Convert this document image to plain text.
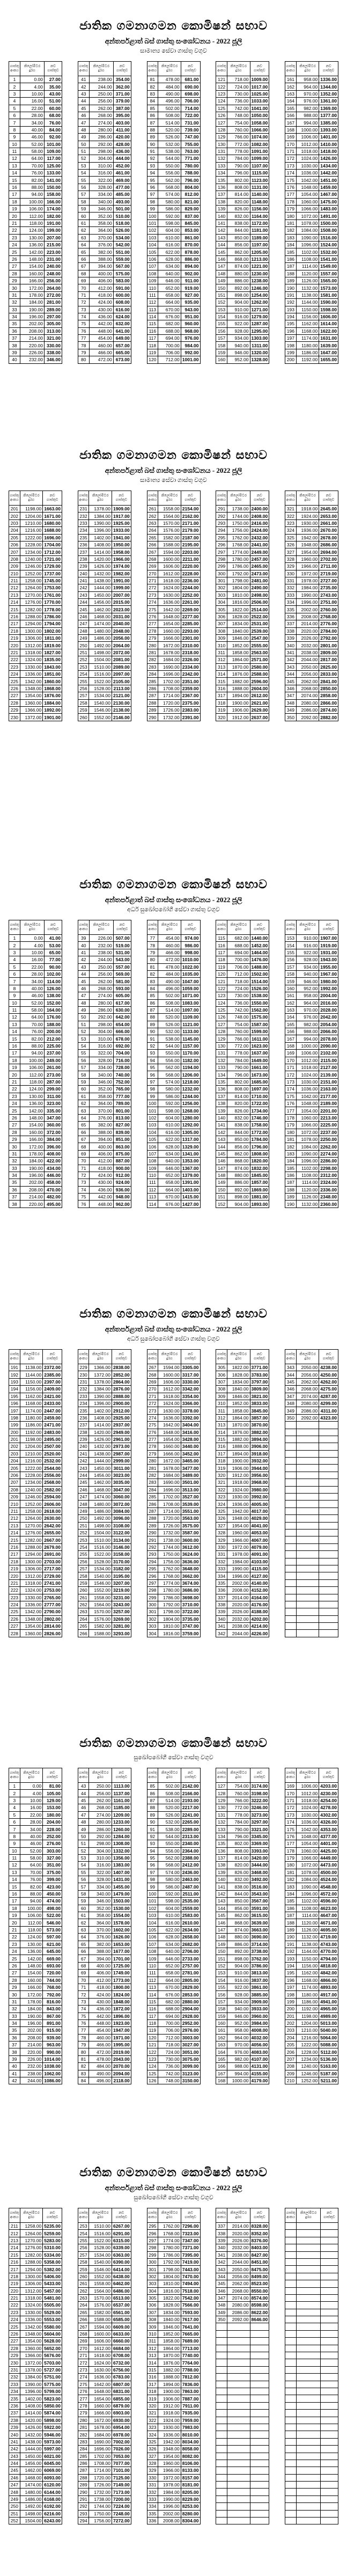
ජාතික ගමනාගමන කොමිෂන් සභාව
අන්තර්පළාත් බස් ගාස්තු සංශෝධනය - 2022 ජූලි
සාමාන්‍ය සේවා ගාස්තු වගුව
ගාස්තු අංකය	කිලෝමීටර දුරග	නව ගාස්තුව
1	0.00	27.00
2	4.00	35.00
3	10.00	43.00
4	16.00	51.00
5	22.00	60.00
6	28.00	68.00
7	34.00	76.00
8	40.00	84.00
9	46.00	92.00
10	52.00	101.00
11	58.00	109.00
12	64.00	117.00
13	70.00	125.00
14	76.00	133.00
15	82.00	141.00
16	88.00	150.00
17	94.00	158.00
18	100.00	166.00
19	106.00	174.00
20	112.00	182.00
21	118.00	191.00
22	124.00	199.00
23	130.00	207.00
24	136.00	215.00
25	142.00	223.00
26	148.00	231.00
27	154.00	240.00
28	160.00	248.00
29	166.00	256.00
30	172.00	264.00
31	178.00	272.00
32	184.00	281.00
33	190.00	289.00
34	196.00	297.00
35	202.00	305.00
36	208.00	313.00
37	214.00	321.00
38	220.00	330.00
39	226.00	338.00
40	232.00	346.00
ගාස්තු අංකය	කිලෝමීටර දුරග	නව ගාස්තුව
41	238.00	354.00
42	244.00	362.00
43	250.00	371.00
44	256.00	379.00
45	262.00	387.00
46	268.00	395.00
47	274.00	403.00
48	280.00	411.00
49	286.00	420.00
50	292.00	428.00
51	298.00	436.00
52	304.00	444.00
53	310.00	452.00
54	316.00	461.00
55	322.00	469.00
56	328.00	477.00
57	334.00	485.00
58	340.00	493.00
59	346.00	501.00
60	352.00	510.00
61	358.00	518.00
62	364.00	526.00
63	370.00	534.00
64	376.00	542.00
65	382.00	551.00
66	388.00	559.00
67	394.00	567.00
68	400.00	575.00
69	406.00	583.00
70	412.00	591.00
71	418.00	600.00
72	424.00	608.00
73	430.00	616.00
74	436.00	624.00
75	442.00	632.00
76	448.00	641.00
77	454.00	649.00
78	460.00	657.00
79	466.00	665.00
80	472.00	673.00
ගාස්තු අංකය	කිලෝමීටර දුරග	නව ගාස්තුව
81	478.00	681.00
82	484.00	690.00
83	490.00	698.00
84	496.00	706.00
85	502.00	714.00
86	508.00	722.00
87	514.00	731.00
88	520.00	739.00
89	526.00	747.00
90	532.00	755.00
91	538.00	763.00
92	544.00	771.00
93	550.00	780.00
94	556.00	788.00
95	562.00	796.00
96	568.00	804.00
97	574.00	812.00
98	580.00	821.00
99	586.00	829.00
100	592.00	837.00
101	598.00	845.00
102	604.00	853.00
103	610.00	861.00
104	616.00	870.00
105	622.00	878.00
106	628.00	886.00
107	634.00	894.00
108	640.00	902.00
109	646.00	911.00
110	652.00	919.00
111	658.00	927.00
112	664.00	935.00
113	670.00	943.00
114	676.00	951.00
115	682.00	960.00
116	688.00	968.00
117	694.00	976.00
118	700.00	984.00
119	706.00	992.00
120	712.00	1001.00
ගාස්තු අංකය	කිලෝමීටර දුරග	නව ගාස්තුව
121	718.00	1009.00
122	724.00	1017.00
123	730.00	1025.00
124	736.00	1033.00
125	742.00	1041.00
126	748.00	1050.00
127	754.00	1058.00
128	760.00	1066.00
129	766.00	1074.00
130	772.00	1082.00
131	778.00	1091.00
132	784.00	1099.00
133	790.00	1107.00
134	796.00	1115.00
135	802.00	1123.00
136	808.00	1131.00
137	814.00	1140.00
138	820.00	1148.00
139	826.00	1156.00
140	832.00	1164.00
141	838.00	1172.00
142	844.00	1181.00
143	850.00	1189.00
144	856.00	1197.00
145	862.00	1205.00
146	868.00	1213.00
147	874.00	1221.00
148	880.00	1230.00
149	886.00	1238.00
150	892.00	1246.00
151	898.00	1254.00
152	904.00	1262.00
153	910.00	1271.00
154	916.00	1279.00
155	922.00	1287.00
156	928.00	1295.00
157	934.00	1303.00
158	940.00	1311.00
159	946.00	1320.00
160	952.00	1328.00
ගාස්තු අංකය	කිලෝමීටර දුරග	නව ගාස්තුව
161	958.00	1336.00
162	964.00	1344.00
163	970.00	1352.00
164	976.00	1361.00
165	982.00	1369.00
166	988.00	1377.00
167	994.00	1385.00
168	1000.00	1393.00
169	1006.00	1401.00
170	1012.00	1410.00
171	1018.00	1418.00
172	1024.00	1426.00
173	1030.00	1434.00
174	1036.00	1442.00
175	1042.00	1451.00
176	1048.00	1459.00
177	1054.00	1467.00
178	1060.00	1475.00
179	1066.00	1483.00
180	1072.00	1491.00
181	1078.00	1500.00
182	1084.00	1508.00
183	1090.00	1516.00
184	1096.00	1524.00
185	1102.00	1532.00
186	1108.00	1541.00
187	1114.00	1549.00
188	1120.00	1557.00
189	1126.00	1565.00
190	1132.00	1573.00
191	1138.00	1581.00
192	1144.00	1590.00
193	1150.00	1598.00
194	1156.00	1606.00
195	1162.00	1614.00
196	1168.00	1622.00
197	1174.00	1631.00
198	1180.00	1639.00
199	1186.00	1647.00
200	1192.00	1655.00
ජාතික ගමනාගමන කොමිෂන් සභාව
අන්තර්පළාත් බස් ගාස්තු සංශෝධනය - 2022 ජූලි
සාමාන්‍ය සේවා ගාස්තු වගුව
ගාස්තු අංකය	කිලෝමීටර දුරග	නව ගාස්තුව
201	1198.00	1663.00
202	1204.00	1671.00
203	1210.00	1680.00
204	1216.00	1688.00
205	1222.00	1696.00
206	1228.00	1704.00
207	1234.00	1712.00
208	1240.00	1721.00
209	1246.00	1729.00
210	1252.00	1737.00
211	1258.00	1745.00
212	1264.00	1753.00
213	1270.00	1761.00
214	1276.00	1770.00
215	1282.00	1778.00
216	1288.00	1786.00
217	1294.00	1794.00
218	1300.00	1802.00
219	1306.00	1811.00
220	1312.00	1819.00
221	1318.00	1827.00
222	1324.00	1835.00
223	1330.00	1843.00
224	1336.00	1851.00
225	1342.00	1860.00
226	1348.00	1868.00
227	1354.00	1876.00
228	1360.00	1884.00
229	1366.00	1892.00
230	1372.00	1901.00
ගාස්තු අංකය	කිලෝමීටර දුරග	නව ගාස්තුව
231	1378.00	1909.00
232	1384.00	1917.00
233	1390.00	1925.00
234	1396.00	1933.00
235	1402.00	1941.00
236	1408.00	1950.00
237	1414.00	1958.00
238	1420.00	1966.00
239	1426.00	1974.00
240	1432.00	1982.00
241	1438.00	1991.00
242	1444.00	1999.00
243	1450.00	2007.00
244	1456.00	2015.00
245	1462.00	2023.00
246	1468.00	2031.00
247	1474.00	2040.00
248	1480.00	2048.00
249	1486.00	2056.00
250	1492.00	2064.00
251	1498.00	2072.00
252	1504.00	2081.00
253	1510.00	2089.00
254	1516.00	2097.00
255	1522.00	2105.00
256	1528.00	2113.00
257	1534.00	2121.00
258	1540.00	2130.00
259	1546.00	2138.00
260	1552.00	2146.00
ගාස්තු අංකය	කිලෝමීටර දුරග	නව ගාස්තුව
261	1558.00	2154.00
262	1564.00	2162.00
263	1570.00	2171.00
264	1576.00	2179.00
265	1582.00	2187.00
266	1588.00	2195.00
267	1594.00	2203.00
268	1600.00	2211.00
269	1606.00	2220.00
270	1612.00	2228.00
271	1618.00	2236.00
272	1624.00	2244.00
273	1630.00	2252.00
274	1636.00	2261.00
275	1642.00	2269.00
276	1648.00	2277.00
277	1654.00	2285.00
278	1660.00	2293.00
279	1666.00	2301.00
280	1672.00	2310.00
281	1678.00	2318.00
282	1684.00	2326.00
283	1690.00	2334.00
284	1696.00	2342.00
285	1702.00	2351.00
286	1708.00	2359.00
287	1714.00	2367.00
288	1720.00	2375.00
289	1726.00	2383.00
290	1732.00	2391.00
ගාස්තු අංකය	කිලෝමීටර දුරග	නව ගාස්තුව
291	1738.00	2400.00
292	1744.00	2408.00
293	1750.00	2416.00
294	1756.00	2424.00
295	1762.00	2432.00
296	1768.00	2441.00
297	1774.00	2449.00
298	1780.00	2457.00
299	1786.00	2465.00
300	1792.00	2473.00
301	1798.00	2481.00
302	1804.00	2490.00
303	1810.00	2498.00
304	1816.00	2506.00
305	1822.00	2514.00
306	1828.00	2522.00
307	1834.00	2531.00
308	1840.00	2539.00
309	1846.00	2547.00
310	1852.00	2555.00
311	1858.00	2563.00
312	1864.00	2571.00
313	1870.00	2580.00
314	1876.00	2588.00
315	1882.00	2596.00
316	1888.00	2604.00
317	1894.00	2612.00
318	1900.00	2621.00
319	1906.00	2629.00
320	1912.00	2637.00
ගාස්තු අංකය	කිලෝමීටර දුරග	නව ගාස්තුව
321	1918.00	2645.00
322	1924.00	2653.00
323	1930.00	2661.00
324	1936.00	2670.00
325	1942.00	2678.00
326	1948.00	2686.00
327	1954.00	2694.00
328	1960.00	2702.00
329	1966.00	2711.00
330	1972.00	2719.00
331	1978.00	2727.00
332	1984.00	2735.00
333	1990.00	2743.00
334	1996.00	2751.00
335	2002.00	2760.00
336	2008.00	2768.00
337	2014.00	2776.00
338	2020.00	2784.00
339	2026.00	2792.00
340	2032.00	2801.00
341	2038.00	2809.00
342	2044.00	2817.00
343	2050.00	2825.00
344	2056.00	2833.00
345	2062.00	2841.00
346	2068.00	2850.00
347	2074.00	2858.00
348	2080.00	2866.00
349	2086.00	2874.00
350	2092.00	2882.00
ජාතික ගමනාගමන කොමිෂන් සභාව
අන්තර්පළාත් බස් ගාස්තු සංශෝධනය - 2022 ජූලි
අර්ධ සුඛෝපබෝගී සේවා ගාස්තු වගුව
ගාස්තු අංකය	කිලෝමීටර දුරග	නව ගාස්තුව
1	0.00	41.00
2	4.00	53.00
3	10.00	65.00
4	16.00	77.00
5	22.00	90.00
6	28.00	102.00
7	34.00	114.00
8	40.00	126.00
9	46.00	138.00
10	52.00	152.00
11	58.00	164.00
12	64.00	176.00
13	70.00	188.00
14	76.00	200.00
15	82.00	212.00
16	88.00	225.00
17	94.00	237.00
18	100.00	249.00
19	106.00	261.00
20	112.00	273.00
21	118.00	287.00
22	124.00	299.00
23	130.00	311.00
24	136.00	323.00
25	142.00	335.00
26	148.00	347.00
27	154.00	360.00
28	160.00	372.00
29	166.00	384.00
30	172.00	396.00
31	178.00	408.00
32	184.00	422.00
33	190.00	434.00
34	196.00	446.00
35	202.00	458.00
36	208.00	470.00
37	214.00	482.00
38	220.00	495.00
ගාස්තු අංකය	කිලෝමීටර දුරග	නව ගාස්තුව
39	226.00	507.00
40	232.00	519.00
41	238.00	531.00
42	244.00	543.00
43	250.00	557.00
44	256.00	569.00
45	262.00	581.00
46	268.00	593.00
47	274.00	605.00
48	280.00	617.00
49	286.00	630.00
50	292.00	642.00
51	298.00	654.00
52	304.00	666.00
53	310.00	678.00
54	316.00	692.00
55	322.00	704.00
56	328.00	716.00
57	334.00	728.00
58	340.00	740.00
59	346.00	752.00
60	352.00	765.00
61	358.00	777.00
62	364.00	789.00
63	370.00	801.00
64	376.00	813.00
65	382.00	827.00
66	388.00	839.00
67	394.00	851.00
68	400.00	863.00
69	406.00	875.00
70	412.00	887.00
71	418.00	900.00
72	424.00	912.00
73	430.00	924.00
74	436.00	936.00
75	442.00	948.00
76	448.00	962.00
ගාස්තු අංකය	කිලෝමීටර දුරග	නව ගාස්තුව
77	454.00	974.00
78	460.00	986.00
79	466.00	998.00
80	472.00	1010.00
81	478.00	1022.00
82	484.00	1035.00
83	490.00	1047.00
84	496.00	1059.00
85	502.00	1071.00
86	508.00	1083.00
87	514.00	1097.00
88	520.00	1109.00
89	526.00	1121.00
90	532.00	1133.00
91	538.00	1145.00
92	544.00	1157.00
93	550.00	1170.00
94	556.00	1182.00
95	562.00	1194.00
96	568.00	1206.00
97	574.00	1218.00
98	580.00	1232.00
99	586.00	1244.00
100	592.00	1256.00
101	598.00	1268.00
102	604.00	1280.00
103	610.00	1292.00
104	616.00	1305.00
105	622.00	1317.00
106	628.00	1329.00
107	634.00	1341.00
108	640.00	1353.00
109	646.00	1367.00
110	652.00	1379.00
111	658.00	1391.00
112	664.00	1403.00
113	670.00	1415.00
114	676.00	1427.00
ගාස්තු අංකය	කිලෝමීටර දුරග	නව ගාස්තුව
115	682.00	1440.00
116	688.00	1452.00
117	694.00	1464.00
118	700.00	1476.00
119	706.00	1488.00
120	712.00	1502.00
121	718.00	1514.00
122	724.00	1526.00
123	730.00	1538.00
124	736.00	1550.00
125	742.00	1562.00
126	748.00	1575.00
127	754.00	1587.00
128	760.00	1599.00
129	766.00	1611.00
130	772.00	1623.00
131	778.00	1637.00
132	784.00	1649.00
133	790.00	1661.00
134	796.00	1673.00
135	802.00	1685.00
136	808.00	1697.00
137	814.00	1710.00
138	820.00	1722.00
139	826.00	1734.00
140	832.00	1746.00
141	838.00	1758.00
142	844.00	1772.00
143	850.00	1784.00
144	856.00	1796.00
145	862.00	1808.00
146	868.00	1820.00
147	874.00	1832.00
148	880.00	1845.00
149	886.00	1857.00
150	892.00	1869.00
151	898.00	1881.00
152	904.00	1893.00
ගාස්තු අංකය	කිලෝමීටර දුරග	නව ගාස්තුව
153	910.00	1907.00
154	916.00	1919.00
155	922.00	1931.00
156	928.00	1943.00
157	934.00	1955.00
158	940.00	1967.00
159	946.00	1980.00
160	952.00	1992.00
161	958.00	2004.00
162	964.00	2016.00
163	970.00	2028.00
164	976.00	2042.00
165	982.00	2054.00
166	988.00	2066.00
167	994.00	2078.00
168	1000.00	2090.00
169	1006.00	2102.00
170	1012.00	2115.00
171	1018.00	2127.00
172	1024.00	2139.00
173	1030.00	2151.00
174	1036.00	2163.00
175	1042.00	2177.00
176	1048.00	2189.00
177	1054.00	2201.00
178	1060.00	2213.00
179	1066.00	2225.00
180	1072.00	2237.00
181	1078.00	2250.00
182	1084.00	2262.00
183	1090.00	2274.00
184	1096.00	2286.00
185	1102.00	2298.00
186	1108.00	2312.00
187	1114.00	2324.00
188	1120.00	2336.00
189	1126.00	2348.00
190	1132.00	2360.00
ජාතික ගමනාගමන කොමිෂන් සභාව
අන්තර්පළාත් බස් ගාස්තු සංශෝධනය - 2022 ජූලි
අර්ධ සුඛෝපබෝගී සේවා ගාස්තු වගුව
ගාස්තු අංකය	කිලෝමීටර දුරග	නව ගාස්තුව
191	1138.00	2372.00
192	1144.00	2385.00
193	1150.00	2397.00
194	1156.00	2409.00
195	1162.00	2421.00
196	1168.00	2433.00
197	1174.00	2447.00
198	1180.00	2459.00
199	1186.00	2471.00
200	1192.00	2483.00
201	1198.00	2495.00
202	1204.00	2507.00
203	1210.00	2520.00
204	1216.00	2532.00
205	1222.00	2544.00
206	1228.00	2556.00
207	1234.00	2568.00
208	1240.00	2582.00
209	1246.00	2594.00
210	1252.00	2606.00
211	1258.00	2618.00
212	1264.00	2630.00
213	1270.00	2642.00
214	1276.00	2655.00
215	1282.00	2667.00
216	1288.00	2679.00
217	1294.00	2691.00
218	1300.00	2703.00
219	1306.00	2717.00
220	1312.00	2729.00
221	1318.00	2741.00
222	1324.00	2753.00
223	1330.00	2765.00
224	1336.00	2777.00
225	1342.00	2790.00
226	1348.00	2802.00
227	1354.00	2814.00
228	1360.00	2826.00
ගාස්තු අංකය	කිලෝමීටර දුරග	නව ගාස්තුව
229	1366.00	2838.00
230	1372.00	2852.00
231	1378.00	2864.00
232	1384.00	2876.00
233	1390.00	2888.00
234	1396.00	2900.00
235	1402.00	2912.00
236	1408.00	2925.00
237	1414.00	2937.00
238	1420.00	2949.00
239	1426.00	2961.00
240	1432.00	2973.00
241	1438.00	2987.00
242	1444.00	2999.00
243	1450.00	3011.00
244	1456.00	3023.00
245	1462.00	3035.00
246	1468.00	3047.00
247	1474.00	3060.00
248	1480.00	3072.00
249	1486.00	3084.00
250	1492.00	3096.00
251	1498.00	3108.00
252	1504.00	3122.00
253	1510.00	3134.00
254	1516.00	3146.00
255	1522.00	3158.00
256	1528.00	3170.00
257	1534.00	3182.00
258	1540.00	3195.00
259	1546.00	3207.00
260	1552.00	3219.00
261	1558.00	3231.00
262	1564.00	3243.00
263	1570.00	3257.00
264	1576.00	3269.00
265	1582.00	3281.00
266	1588.00	3293.00
ගාස්තු අංකය	කිලෝමීටර දුරග	නව ගාස්තුව
267	1594.00	3305.00
268	1600.00	3317.00
269	1606.00	3330.00
270	1612.00	3342.00
271	1618.00	3354.00
272	1624.00	3366.00
273	1630.00	3378.00
274	1636.00	3392.00
275	1642.00	3404.00
276	1648.00	3416.00
277	1654.00	3428.00
278	1660.00	3440.00
279	1666.00	3452.00
280	1672.00	3465.00
281	1678.00	3477.00
282	1684.00	3489.00
283	1690.00	3501.00
284	1696.00	3513.00
285	1702.00	3527.00
286	1708.00	3539.00
287	1714.00	3551.00
288	1720.00	3563.00
289	1726.00	3575.00
290	1732.00	3587.00
291	1738.00	3600.00
292	1744.00	3612.00
293	1750.00	3624.00
294	1756.00	3636.00
295	1762.00	3648.00
296	1768.00	3662.00
297	1774.00	3674.00
298	1780.00	3686.00
299	1786.00	3698.00
300	1792.00	3710.00
301	1798.00	3722.00
302	1804.00	3735.00
303	1810.00	3747.00
304	1816.00	3759.00
ගාස්තු අංකය	කිලෝමීටර දුරග	නව ගාස්තුව
305	1822.00	3771.00
306	1828.00	3783.00
307	1834.00	3797.00
308	1840.00	3809.00
309	1846.00	3821.00
310	1852.00	3833.00
311	1858.00	3845.00
312	1864.00	3857.00
313	1870.00	3870.00
314	1876.00	3882.00
315	1882.00	3894.00
316	1888.00	3906.00
317	1894.00	3918.00
318	1900.00	3932.00
319	1906.00	3944.00
320	1912.00	3956.00
321	1918.00	3968.00
322	1924.00	3980.00
323	1930.00	3992.00
324	1936.00	4005.00
325	1942.00	4017.00
326	1948.00	4029.00
327	1954.00	4041.00
328	1960.00	4053.00
329	1966.00	4067.00
330	1972.00	4079.00
331	1978.00	4091.00
332	1984.00	4103.00
333	1990.00	4115.00
334	1996.00	4127.00
335	2002.00	4140.00
336	2008.00	4152.00
337	2014.00	4164.00
338	2020.00	4176.00
339	2026.00	4188.00
340	2032.00	4202.00
341	2038.00	4214.00
342	2044.00	4226.00
ගාස්තු අංකය	කිලෝමීටර දුරග	නව ගාස්තුව
343	2050.00	4238.00
344	2056.00	4250.00
345	2062.00	4262.00
346	2068.00	4275.00
347	2074.00	4287.00
348	2080.00	4299.00
349	2086.00	4311.00
350	2092.00	4323.00

ජාතික ගමනාගමන කොමිෂන් සභාව
සුඛෝපබෝගී සේවා ගාස්තු වගුව
ගාස්තු අංකය	කිලෝමීටර දුරග	නව ගාස්තුව
1	0.00	81.00
2	4.00	105.00
3	10.00	129.00
4	16.00	153.00
5	22.00	180.00
6	28.00	204.00
7	34.00	228.00
8	40.00	252.00
9	46.00	276.00
10	52.00	303.00
11	58.00	327.00
12	64.00	351.00
13	70.00	375.00
14	76.00	399.00
15	82.00	423.00
16	88.00	450.00
17	94.00	474.00
18	100.00	498.00
19	106.00	522.00
20	112.00	546.00
21	118.00	573.00
22	124.00	597.00
23	130.00	621.00
24	136.00	645.00
25	142.00	669.00
26	148.00	693.00
27	154.00	720.00
28	160.00	744.00
29	166.00	768.00
30	172.00	792.00
31	178.00	816.00
32	184.00	843.00
33	190.00	867.00
34	196.00	891.00
35	202.00	915.00
36	208.00	939.00
37	214.00	963.00
38	220.00	990.00
39	226.00	1014.00
40	232.00	1038.00
41	238.00	1062.00
42	244.00	1086.00
ගාස්තු අංකය	කිලෝමීටර දුරග	නව ගාස්තුව
43	250.00	1113.00
44	256.00	1137.00
45	262.00	1161.00
46	268.00	1185.00
47	274.00	1209.00
48	280.00	1233.00
49	286.00	1260.00
50	292.00	1284.00
51	298.00	1308.00
52	304.00	1332.00
53	310.00	1356.00
54	316.00	1383.00
55	322.00	1407.00
56	328.00	1431.00
57	334.00	1455.00
58	340.00	1479.00
59	346.00	1503.00
60	352.00	1530.00
61	358.00	1554.00
62	364.00	1578.00
63	370.00	1602.00
64	376.00	1626.00
65	382.00	1653.00
66	388.00	1677.00
67	394.00	1701.00
68	400.00	1725.00
69	406.00	1749.00
70	412.00	1773.00
71	418.00	1800.00
72	424.00	1824.00
73	430.00	1848.00
74	436.00	1872.00
75	442.00	1896.00
76	448.00	1923.00
77	454.00	1947.00
78	460.00	1971.00
79	466.00	1995.00
80	472.00	2019.00
81	478.00	2043.00
82	484.00	2070.00
83	490.00	2094.00
84	496.00	2118.00
ගාස්තු අංකය	කිලෝමීටර දුරග	නව ගාස්තුව
85	502.00	2142.00
86	508.00	2166.00
87	514.00	2193.00
88	520.00	2217.00
89	526.00	2241.00
90	532.00	2265.00
91	538.00	2289.00
92	544.00	2313.00
93	550.00	2340.00
94	556.00	2364.00
95	562.00	2388.00
96	568.00	2412.00
97	574.00	2436.00
98	580.00	2463.00
99	586.00	2487.00
100	592.00	2511.00
101	598.00	2535.00
102	604.00	2559.00
103	610.00	2583.00
104	616.00	2610.00
105	622.00	2634.00
106	628.00	2658.00
107	634.00	2682.00
108	640.00	2706.00
109	646.00	2733.00
110	652.00	2757.00
111	658.00	2781.00
112	664.00	2805.00
113	670.00	2829.00
114	676.00	2853.00
115	682.00	2880.00
116	688.00	2904.00
117	694.00	2928.00
118	700.00	2952.00
119	706.00	2976.00
120	712.00	3003.00
121	718.00	3027.00
122	724.00	3051.00
123	730.00	3075.00
124	736.00	3099.00
125	742.00	3123.00
126	748.00	3150.00
ගාස්තු අංකය	කිලෝමීටර දුරග	නව ගාස්තුව
127	754.00	3174.00
128	760.00	3198.00
129	766.00	3222.00
130	772.00	3246.00
131	778.00	3273.00
132	784.00	3297.00
133	790.00	3321.00
134	796.00	3345.00
135	802.00	3369.00
136	808.00	3393.00
137	814.00	3420.00
138	820.00	3444.00
139	826.00	3468.00
140	832.00	3492.00
141	838.00	3516.00
142	844.00	3543.00
143	850.00	3567.00
144	856.00	3591.00
145	862.00	3615.00
146	868.00	3639.00
147	874.00	3663.00
148	880.00	3690.00
149	886.00	3714.00
150	892.00	3738.00
151	898.00	3762.00
152	904.00	3786.00
153	910.00	3813.00
154	916.00	3837.00
155	922.00	3861.00
156	928.00	3885.00
157	934.00	3909.00
158	940.00	3933.00
159	946.00	3960.00
160	952.00	3984.00
161	958.00	4008.00
162	964.00	4032.00
163	970.00	4056.00
164	976.00	4083.00
165	982.00	4107.00
166	988.00	4131.00
167	994.00	4155.00
168	1000.00	4179.00
ගාස්තු අංකය	කිලෝමීටර දුරග	නව ගාස්තුව
169	1006.00	4203.00
170	1012.00	4230.00
171	1018.00	4254.00
172	1024.00	4278.00
173	1030.00	4302.00
174	1036.00	4326.00
175	1042.00	4353.00
176	1048.00	4377.00
177	1054.00	4401.00
178	1060.00	4425.00
179	1066.00	4449.00
180	1072.00	4473.00
181	1078.00	4500.00
182	1084.00	4524.00
183	1090.00	4548.00
184	1096.00	4572.00
185	1102.00	4596.00
186	1108.00	4623.00
187	1114.00	4647.00
188	1120.00	4671.00
189	1126.00	4695.00
190	1132.00	4719.00
191	1138.00	4743.00
192	1144.00	4770.00
193	1150.00	4794.00
194	1156.00	4818.00
195	1162.00	4842.00
196	1168.00	4866.00
197	1174.00	4893.00
198	1180.00	4917.00
199	1186.00	4941.00
200	1192.00	4965.00
201	1198.00	4989.00
202	1204.00	5013.00
203	1210.00	5040.00
204	1216.00	5064.00
205	1222.00	5088.00
206	1228.00	5112.00
207	1234.00	5136.00
208	1240.00	5163.00
209	1246.00	5187.00
210	1252.00	5211.00
ජාතික ගමනාගමන කොමිෂන් සභාව
අන්තර්පළාත් බස් ගාස්තු සංශෝධනය - 2022 ජූලි
සුඛෝපබෝගී සේවා ගාස්තු වගුව
ගාස්තු අංකය	කිලෝමීටර දුරග	නව ගාස්තුව
211	1258.00	5235.00
212	1264.00	5259.00
213	1270.00	5283.00
214	1276.00	5310.00
215	1282.00	5334.00
216	1288.00	5358.00
217	1294.00	5382.00
218	1300.00	5406.00
219	1306.00	5433.00
220	1312.00	5457.00
221	1318.00	5481.00
222	1324.00	5505.00
223	1330.00	5529.00
224	1336.00	5553.00
225	1342.00	5580.00
226	1348.00	5604.00
227	1354.00	5628.00
228	1360.00	5652.00
229	1366.00	5676.00
230	1372.00	5703.00
231	1378.00	5727.00
232	1384.00	5751.00
233	1390.00	5775.00
234	1396.00	5799.00
235	1402.00	5823.00
236	1408.00	5850.00
237	1414.00	5874.00
238	1420.00	5898.00
239	1426.00	5922.00
240	1432.00	5946.00
241	1438.00	5973.00
242	1444.00	5997.00
243	1450.00	6021.00
244	1456.00	6045.00
245	1462.00	6069.00
246	1468.00	6093.00
247	1474.00	6120.00
248	1480.00	6144.00
249	1486.00	6168.00
250	1492.00	6192.00
251	1498.00	6216.00
252	1504.00	6243.00
ගාස්තු අංකය	කිලෝමීටර දුරග	නව ගාස්තුව
253	1510.00	6267.00
254	1516.00	6291.00
255	1522.00	6315.00
256	1528.00	6339.00
257	1534.00	6363.00
258	1540.00	6390.00
259	1546.00	6414.00
260	1552.00	6438.00
261	1558.00	6462.00
262	1564.00	6486.00
263	1570.00	6513.00
264	1576.00	6537.00
265	1582.00	6561.00
266	1588.00	6585.00
267	1594.00	6609.00
268	1600.00	6633.00
269	1606.00	6660.00
270	1612.00	6684.00
271	1618.00	6708.00
272	1624.00	6732.00
273	1630.00	6756.00
274	1636.00	6783.00
275	1642.00	6807.00
276	1648.00	6831.00
277	1654.00	6855.00
278	1660.00	6879.00
279	1666.00	6903.00
280	1672.00	6930.00
281	1678.00	6954.00
282	1684.00	6978.00
283	1690.00	7002.00
284	1696.00	7026.00
285	1702.00	7053.00
286	1708.00	7077.00
287	1714.00	7101.00
288	1720.00	7125.00
289	1726.00	7149.00
290	1732.00	7173.00
291	1738.00	7200.00
292	1744.00	7224.00
293	1750.00	7248.00
294	1756.00	7272.00
ගාස්තු අංකය	කිලෝමීටර දුරග	නව ගාස්තුව
295	1762.00	7296.00
296	1768.00	7323.00
297	1774.00	7347.00
298	1780.00	7371.00
299	1786.00	7395.00
300	1792.00	7419.00
301	1798.00	7443.00
302	1804.00	7470.00
303	1810.00	7494.00
304	1816.00	7518.00
305	1822.00	7542.00
306	1828.00	7566.00
307	1834.00	7593.00
308	1840.00	7617.00
309	1846.00	7641.00
310	1852.00	7665.00
311	1858.00	7689.00
312	1864.00	7713.00
313	1870.00	7740.00
314	1876.00	7764.00
315	1882.00	7788.00
316	1888.00	7812.00
317	1894.00	7836.00
318	1900.00	7863.00
319	1906.00	7887.00
320	1912.00	7911.00
321	1918.00	7935.00
322	1924.00	7959.00
323	1930.00	7983.00
324	1936.00	8010.00
325	1942.00	8034.00
326	1948.00	8058.00
327	1954.00	8082.00
328	1960.00	8106.00
329	1966.00	8133.00
330	1972.00	8157.00
331	1978.00	8181.00
332	1984.00	8205.00
333	1990.00	8229.00
334	1996.00	8253.00
335	2002.00	8280.00
336	2008.00	8304.00
ගාස්තු අංකය	කිලෝමීටර දුරග	නව ගාස්තුව
337	2014.00	8328.00
338	2020.00	8352.00
339	2026.00	8376.00
340	2032.00	8403.00
341	2038.00	8427.00
342	2044.00	8451.00
343	2050.00	8475.00
344	2056.00	8499.00
345	2062.00	8523.00
346	2068.00	8550.00
347	2074.00	8574.00
348	2080.00	8598.00
349	2086.00	8622.00
350	2092.00	8646.00

ගාස්තු අංකය	කිලෝමීටර දුරග	නව ගාස්තුව
